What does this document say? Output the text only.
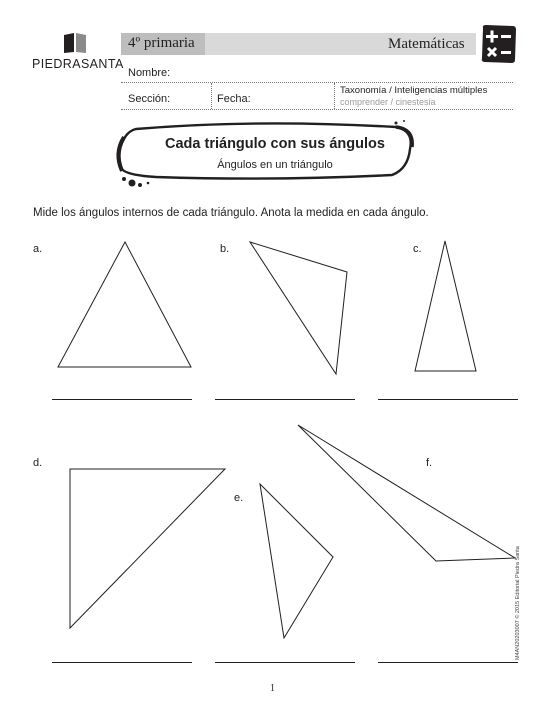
PIEDRASANTA
4º primaria	Matemáticas
Nombre:
Sección:	Fecha:
Taxonomía / Inteligencias múltiples
comprender / cinestesia
Cada triángulo con sus ángulos
Ángulos en un triángulo
Mide los ángulos internos de cada triángulo. Anota la medida en cada ángulo.
a.	b.	c.
d.
e.
f.
M4AN20203007 © 2015 Editorial Piedra Santa
1
